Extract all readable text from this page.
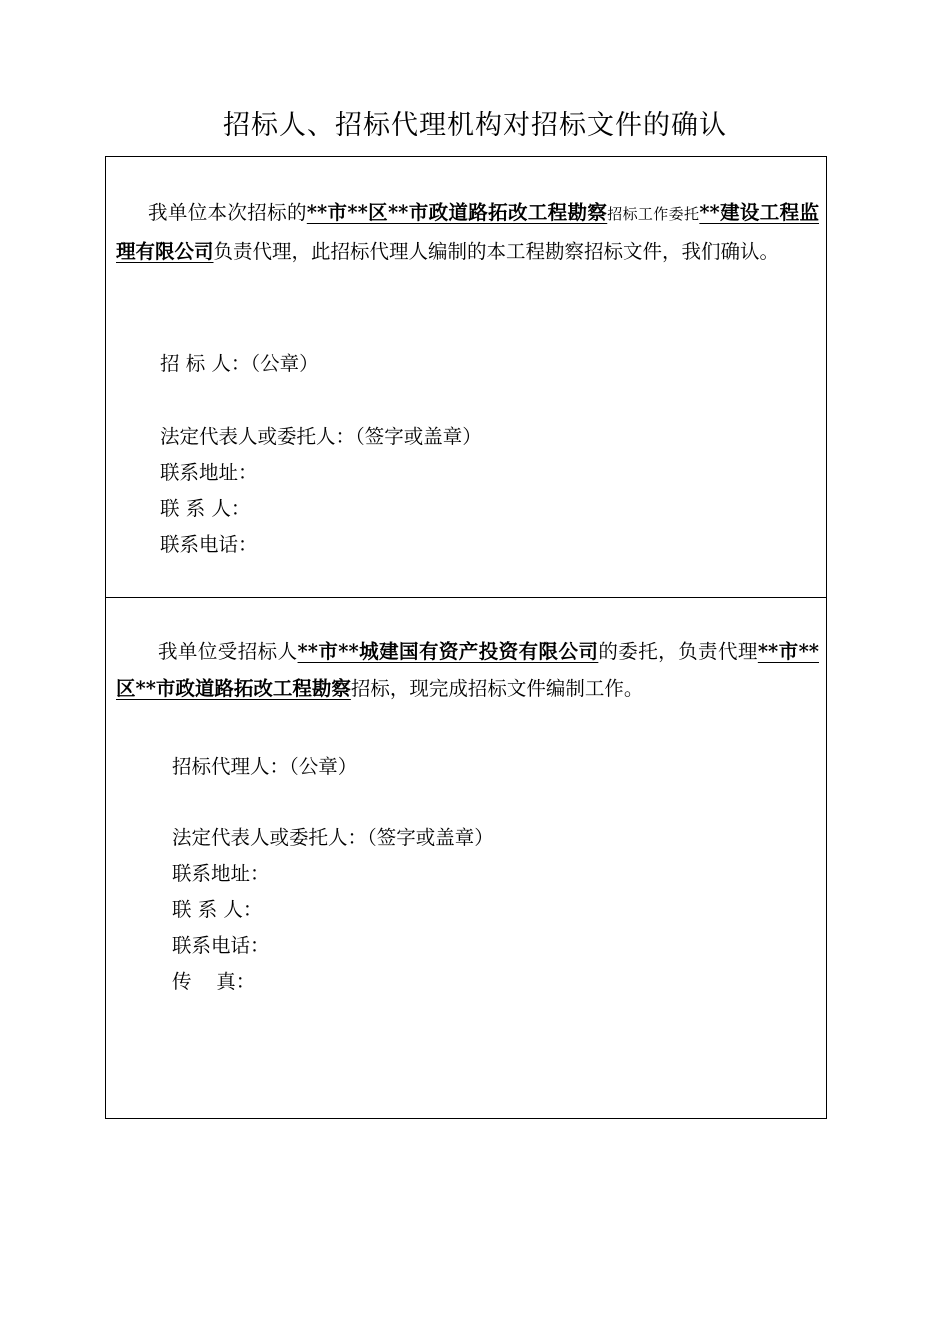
招标人、招标代理机构对招标文件的确认
我单位本次招标的**市**区**市政道路拓改工程勘察招标工作委托**建设工程监理有限公司负责代理，此招标代理人编制的本工程勘察招标文件，我们确认。
招 标 人：（公章）
法定代表人或委托人：（签字或盖章）
联系地址：
联 系 人：
联系电话：
我单位受招标人**市**城建国有资产投资有限公司的委托，负责代理**市**区**市政道路拓改工程勘察招标，现完成招标文件编制工作。
招标代理人：（公章）
法定代表人或委托人：（签字或盖章）
联系地址：
联 系 人：
联系电话：
传    真：
